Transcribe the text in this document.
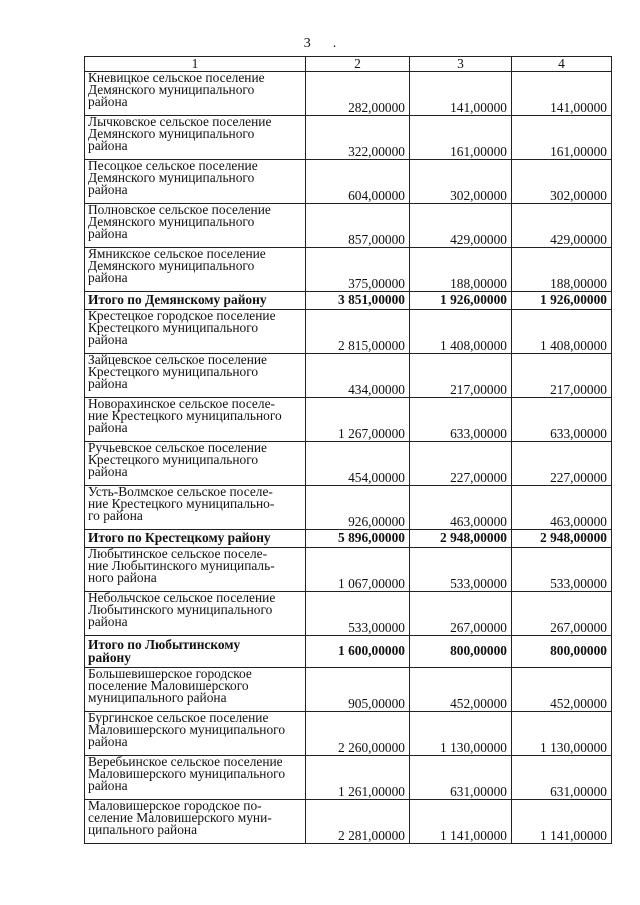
3 .
1	2	3	4

Кневицкое сельское поселение
Демянского муниципального
района	282,00000	141,00000	141,00000

Лычковское сельское поселение
Демянского муниципального
района	322,00000	161,00000	161,00000

Песоцкое сельское поселение
Демянского муниципального
района	604,00000	302,00000	302,00000

Полновское сельское поселение
Демянского муниципального
района	857,00000	429,00000	429,00000

Ямникское сельское поселение
Демянского муниципального
района	375,00000	188,00000	188,00000

Итого по Демянскому району	3 851,00000	1 926,00000	1 926,00000

Крестецкое городское поселение
Крестецкого муниципального
района	2 815,00000	1 408,00000	1 408,00000

Зайцевское сельское поселение
Крестецкого муниципального
района	434,00000	217,00000	217,00000

Новорахинское сельское поселе-
ние Крестецкого муниципального
района	1 267,00000	633,00000	633,00000

Ручьевское сельское поселение
Крестецкого муниципального
района	454,00000	227,00000	227,00000

Усть-Волмское сельское поселе-
ние Крестецкого муниципально-
го района	926,00000	463,00000	463,00000

Итого по Крестецкому району	5 896,00000	2 948,00000	2 948,00000

Любытинское сельское поселе-
ние Любытинского муниципаль-
ного района	1 067,00000	533,00000	533,00000

Небольчское сельское поселение
Любытинского муниципального
района	533,00000	267,00000	267,00000

Итого по Любытинскому
району	1 600,00000	800,00000	800,00000

Большевишерское городское
поселение Маловишерского
муниципального района	905,00000	452,00000	452,00000

Бургинское сельское поселение
Маловишерского муниципального
района	2 260,00000	1 130,00000	1 130,00000

Веребьинское сельское поселение
Маловишерского муниципального
района	1 261,00000	631,00000	631,00000

Маловишерское городское по-
селение Маловишерского муни-
ципального района	2 281,00000	1 141,00000	1 141,00000
